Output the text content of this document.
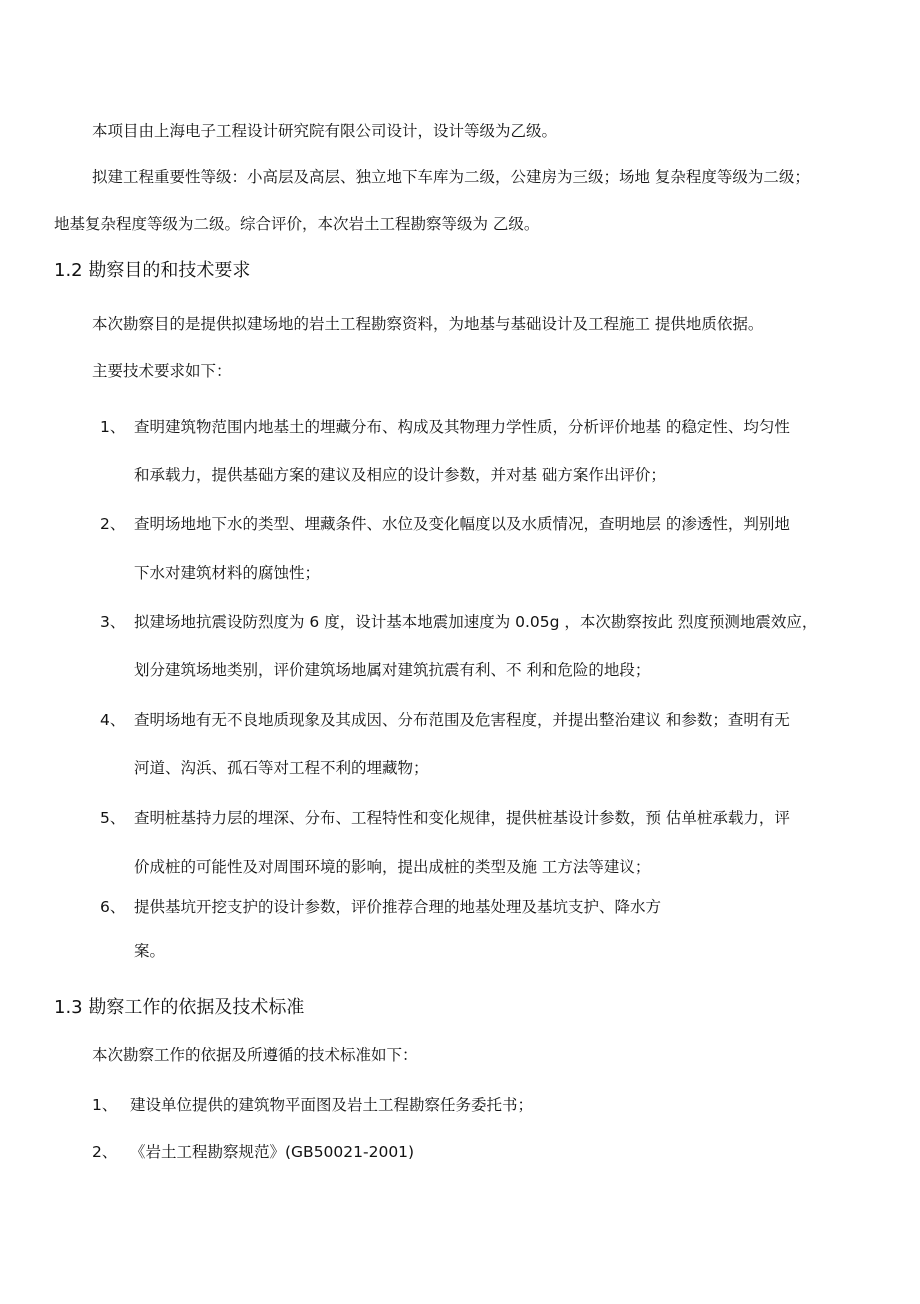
本项目由上海电子工程设计研究院有限公司设计，设计等级为乙级。
拟建工程重要性等级：小高层及高层、独立地下车库为二级，公建房为三级；场地 复杂程度等级为二级；
地基复杂程度等级为二级。综合评价，本次岩土工程勘察等级为 乙级。
1.2 勘察目的和技术要求
本次勘察目的是提供拟建场地的岩土工程勘察资料，为地基与基础设计及工程施工 提供地质依据。
主要技术要求如下：
1、 查明建筑物范围内地基土的埋藏分布、构成及其物理力学性质，分析评价地基 的稳定性、均匀性
和承载力，提供基础方案的建议及相应的设计参数，并对基 础方案作出评价；
2、 查明场地地下水的类型、埋藏条件、水位及变化幅度以及水质情况，查明地层 的渗透性，判别地
下水对建筑材料的腐蚀性；
3、 拟建场地抗震设防烈度为 6 度，设计基本地震加速度为 0.05g ，本次勘察按此 烈度预测地震效应，
划分建筑场地类别，评价建筑场地属对建筑抗震有利、不 利和危险的地段；
4、 查明场地有无不良地质现象及其成因、分布范围及危害程度，并提出整治建议 和参数；查明有无
河道、沟浜、孤石等对工程不利的埋藏物；
5、 查明桩基持力层的埋深、分布、工程特性和变化规律，提供桩基设计参数，预 估单桩承载力，评
价成桩的可能性及对周围环境的影响，提出成桩的类型及施 工方法等建议；
6、 提供基坑开挖支护的设计参数，评价推荐合理的地基处理及基坑支护、降水方
案。
1.3 勘察工作的依据及技术标准
本次勘察工作的依据及所遵循的技术标准如下：
1、 建设单位提供的建筑物平面图及岩土工程勘察任务委托书；
2、 《岩土工程勘察规范》(GB50021-2001)
